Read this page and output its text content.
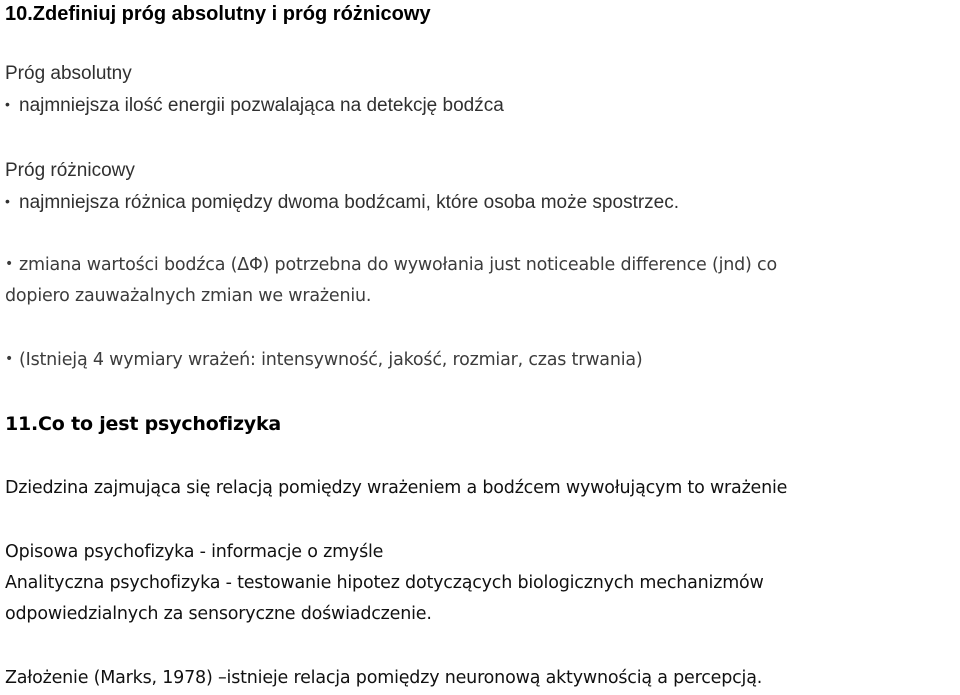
10.Zdefiniuj próg absolutny i próg różnicowy
Próg absolutny
• najmniejsza ilość energii pozwalająca na detekcję bodźca
Próg różnicowy
• najmniejsza różnica pomiędzy dwoma bodźcami, które osoba może spostrzec.
• zmiana wartości bodźca (ΔΦ) potrzebna do wywołania just noticeable difference (jnd) co
dopiero zauważalnych zmian we wrażeniu.
• (Istnieją 4 wymiary wrażeń: intensywność, jakość, rozmiar, czas trwania)
11.Co to jest psychofizyka
Dziedzina zajmująca się relacją pomiędzy wrażeniem a bodźcem wywołującym to wrażenie
Opisowa psychofizyka - informacje o zmyśle
Analityczna psychofizyka - testowanie hipotez dotyczących biologicznych mechanizmów
odpowiedzialnych za sensoryczne doświadczenie.
Założenie (Marks, 1978) –istnieje relacja pomiędzy neuronową aktywnością a percepcją.
